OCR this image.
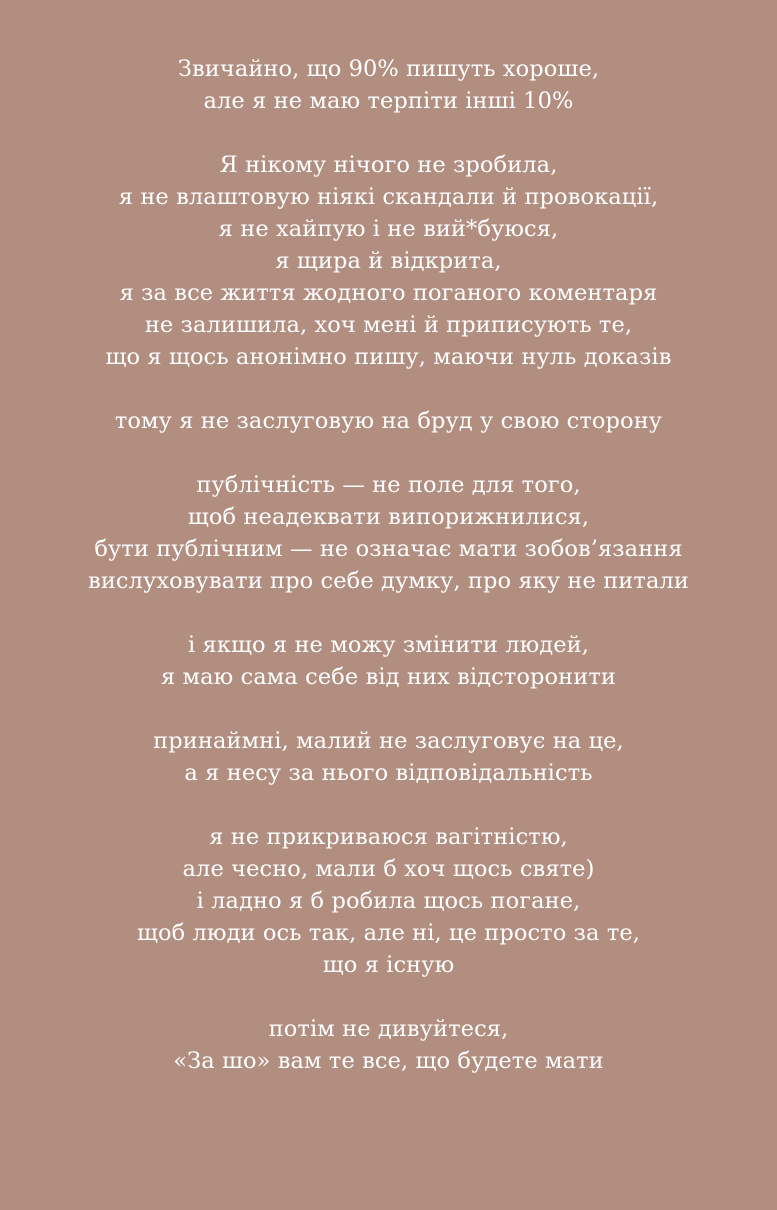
Звичайно, що 90% пишуть хороше,
але я не маю терпіти інші 10%
Я нікому нічого не зробила,
я не влаштовую ніякі скандали й провокації,
я не хайпую і не вий*буюся,
я щира й відкрита,
я за все життя жодного поганого коментаря
не залишила, хоч мені й приписують те,
що я щось анонімно пишу, маючи нуль доказів
тому я не заслуговую на бруд у свою сторону
публічність — не поле для того,
щоб неадеквати випорижнилися,
бути публічним — не означає мати зобов’язання
вислуховувати про себе думку, про яку не питали
і якщо я не можу змінити людей,
я маю сама себе від них відсторонити
принаймні, малий не заслуговує на це,
а я несу за нього відповідальність
я не прикриваюся вагітністю,
але чесно, мали б хоч щось святе)
і ладно я б робила щось погане,
щоб люди ось так, але ні, це просто за те,
що я існую
потім не дивуйтеся,
«За шо» вам те все, що будете мати
